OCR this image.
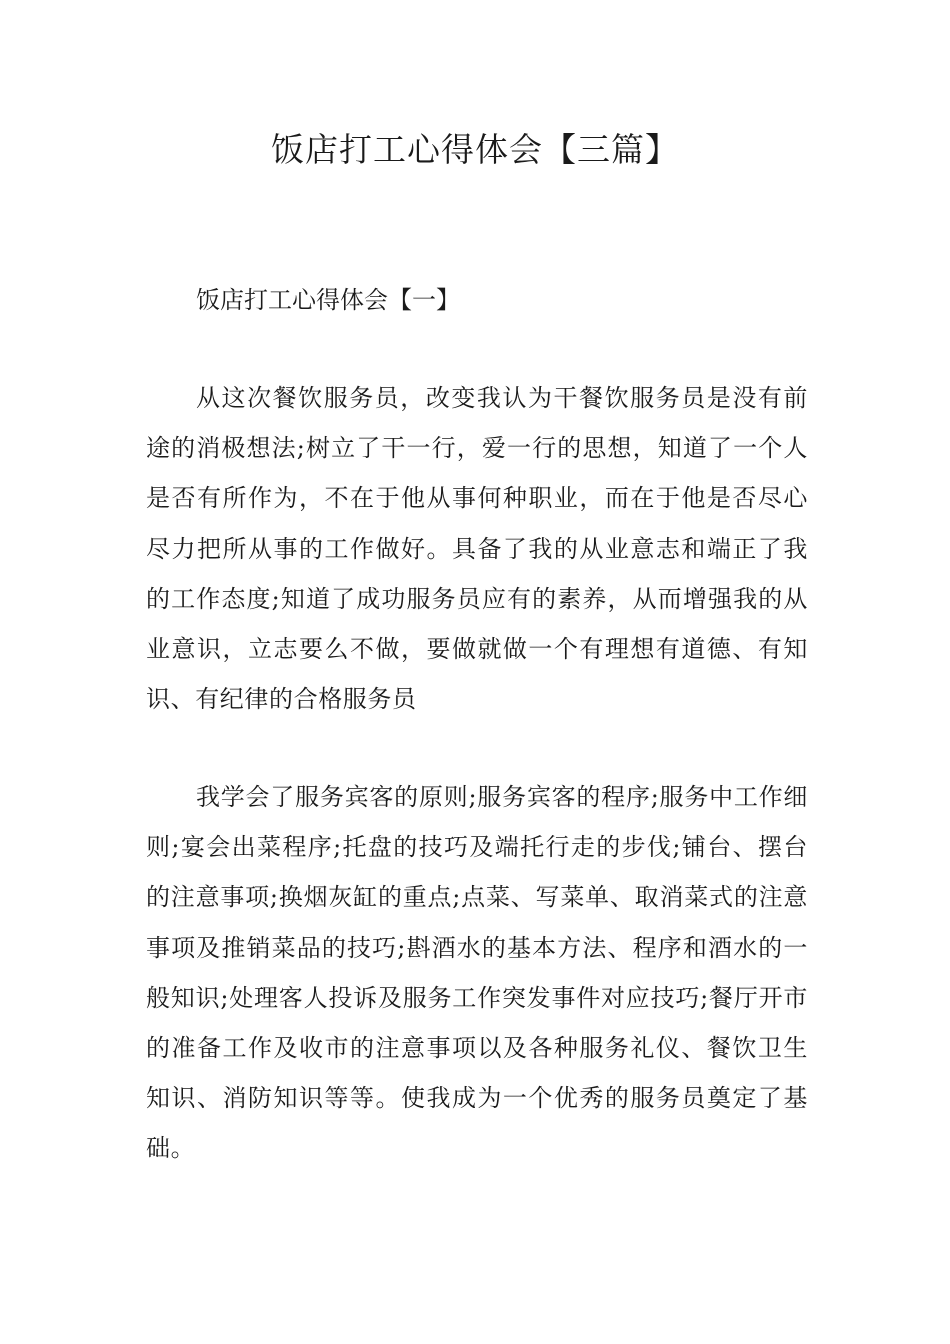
饭店打工心得体会【三篇】
饭店打工心得体会【一】

从这次餐饮服务员，改变我认为干餐饮服务员是没有前途的消极想法;树立了干一行，爱一行的思想，知道了一个人是否有所作为，不在于他从事何种职业，而在于他是否尽心尽力把所从事的工作做好。具备了我的从业意志和端正了我的工作态度;知道了成功服务员应有的素养，从而增强我的从业意识，立志要么不做，要做就做一个有理想有道德、有知识、有纪律的合格服务员

我学会了服务宾客的原则;服务宾客的程序;服务中工作细则;宴会出菜程序;托盘的技巧及端托行走的步伐;铺台、摆台的注意事项;换烟灰缸的重点;点菜、写菜单、取消菜式的注意事项及推销菜品的技巧;斟酒水的基本方法、程序和酒水的一般知识;处理客人投诉及服务工作突发事件对应技巧;餐厅开市的准备工作及收市的注意事项以及各种服务礼仪、餐饮卫生知识、消防知识等等。使我成为一个优秀的服务员奠定了基础。
